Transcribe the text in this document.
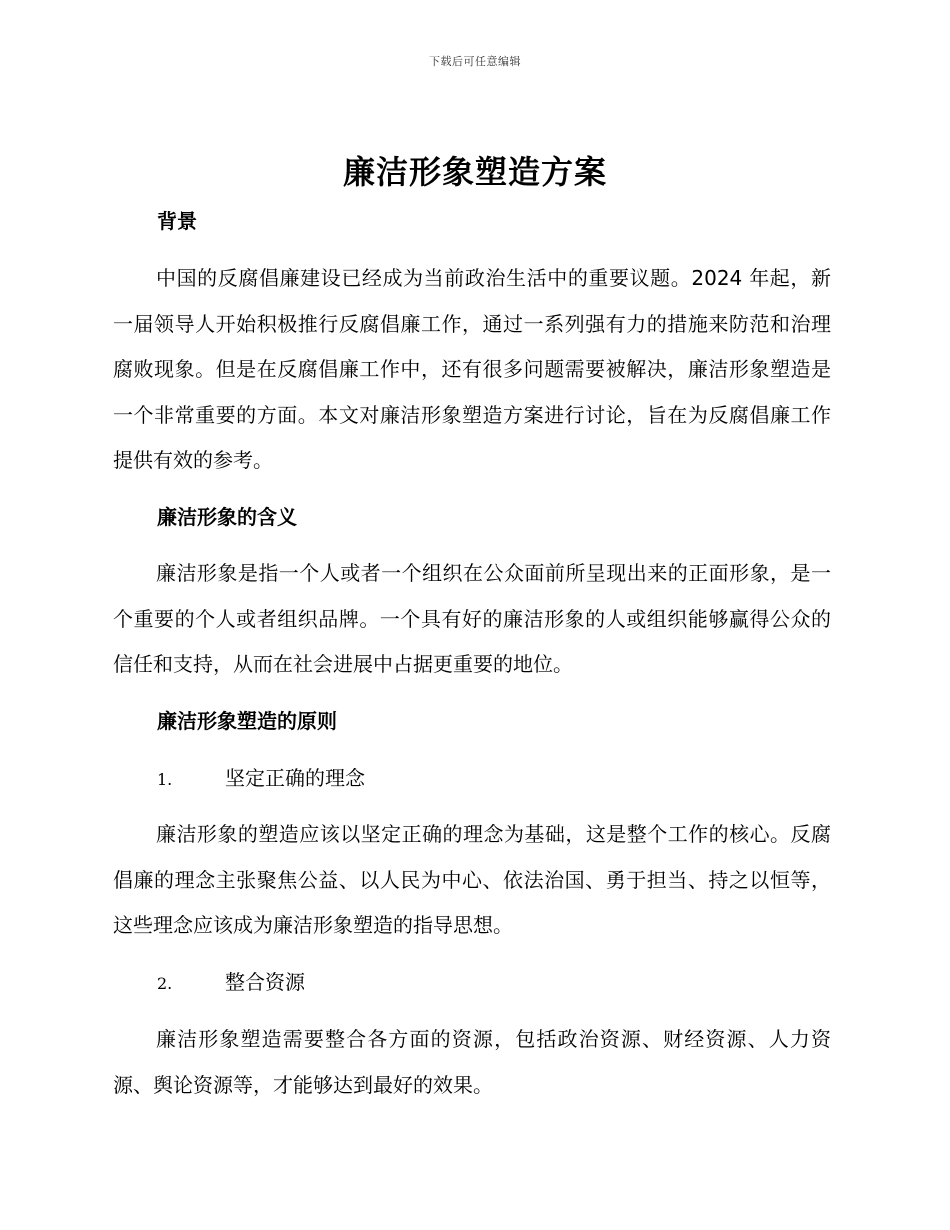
下载后可任意编辑
廉洁形象塑造方案
背景

中国的反腐倡廉建设已经成为当前政治生活中的重要议题。2024 年起，新一届领导人开始积极推行反腐倡廉工作，通过一系列强有力的措施来防范和治理腐败现象。但是在反腐倡廉工作中，还有很多问题需要被解决，廉洁形象塑造是一个非常重要的方面。本文对廉洁形象塑造方案进行讨论，旨在为反腐倡廉工作提供有效的参考。

廉洁形象的含义

廉洁形象是指一个人或者一个组织在公众面前所呈现出来的正面形象，是一个重要的个人或者组织品牌。一个具有好的廉洁形象的人或组织能够赢得公众的信任和支持，从而在社会进展中占据更重要的地位。

廉洁形象塑造的原则
1.	坚定正确的理念

廉洁形象的塑造应该以坚定正确的理念为基础，这是整个工作的核心。反腐倡廉的理念主张聚焦公益、以人民为中心、依法治国、勇于担当、持之以恒等，这些理念应该成为廉洁形象塑造的指导思想。

2.	整合资源

廉洁形象塑造需要整合各方面的资源，包括政治资源、财经资源、人力资源、舆论资源等，才能够达到最好的效果。
